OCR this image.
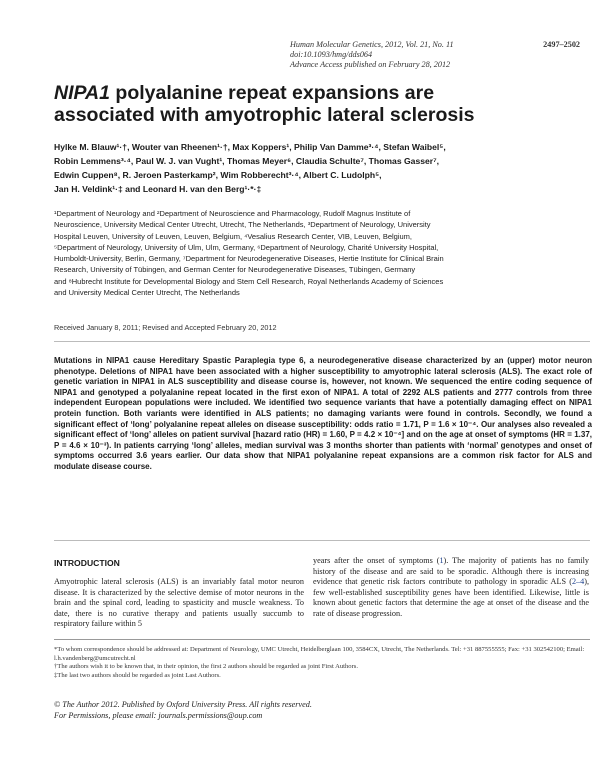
Human Molecular Genetics, 2012, Vol. 21, No. 11	2497–2502
doi:10.1093/hmg/dds064
Advance Access published on February 28, 2012
NIPA1 polyalanine repeat expansions are
associated with amyotrophic lateral sclerosis
Hylke M. Blauw¹·†, Wouter van Rheenen¹·†, Max Koppers¹, Philip Van Damme³·⁴, Stefan Waibel⁵,
Robin Lemmens³·⁴, Paul W. J. van Vught¹, Thomas Meyer⁶, Claudia Schulte⁷, Thomas Gasser⁷,
Edwin Cuppen⁸, R. Jeroen Pasterkamp², Wim Robberecht³·⁴, Albert C. Ludolph⁵,
Jan H. Veldink¹·‡ and Leonard H. van den Berg¹·*·‡
¹Department of Neurology and ²Department of Neuroscience and Pharmacology, Rudolf Magnus Institute of
Neuroscience, University Medical Center Utrecht, Utrecht, The Netherlands, ³Department of Neurology, University
Hospital Leuven, University of Leuven, Leuven, Belgium, ⁴Vesalius Research Center, VIB, Leuven, Belgium,
⁵Department of Neurology, University of Ulm, Ulm, Germany, ⁶Department of Neurology, Charité University Hospital,
Humboldt-University, Berlin, Germany, ⁷Department for Neurodegenerative Diseases, Hertie Institute for Clinical Brain
Research, University of Tübingen, and German Center for Neurodegenerative Diseases, Tübingen, Germany
and ⁸Hubrecht Institute for Developmental Biology and Stem Cell Research, Royal Netherlands Academy of Sciences
and University Medical Center Utrecht, The Netherlands
Received January 8, 2011; Revised and Accepted February 20, 2012

Mutations in NIPA1 cause Hereditary Spastic Paraplegia type 6, a neurodegenerative disease characterized by an (upper) motor neuron phenotype. Deletions of NIPA1 have been associated with a higher susceptibility to amyotrophic lateral sclerosis (ALS). The exact role of genetic variation in NIPA1 in ALS susceptibility and disease course is, however, not known. We sequenced the entire coding sequence of NIPA1 and genotyped a polyalanine repeat located in the first exon of NIPA1. A total of 2292 ALS patients and 2777 controls from three independent European populations were included. We identified two sequence variants that have a potentially damaging effect on NIPA1 protein function. Both variants were identified in ALS patients; no damaging variants were found in controls. Secondly, we found a significant effect of ‘long’ polyalanine repeat alleles on disease susceptibility: odds ratio = 1.71, P = 1.6 × 10⁻⁴. Our analyses also revealed a significant effect of ‘long’ alleles on patient survival [hazard ratio (HR) = 1.60, P = 4.2 × 10⁻⁴] and on the age at onset of symptoms (HR = 1.37, P = 4.6 × 10⁻³). In patients carrying ‘long’ alleles, median survival was 3 months shorter than patients with ‘normal’ genotypes and onset of symptoms occurred 3.6 years earlier. Our data show that NIPA1 polyalanine repeat expansions are a common risk factor for ALS and modulate disease course.

INTRODUCTION

Amyotrophic lateral sclerosis (ALS) is an invariably fatal motor neuron disease. It is characterized by the selective demise of motor neurons in the brain and the spinal cord, leading to spasticity and muscle weakness. To date, there is no curative therapy and patients usually succumb to respiratory failure within 5

years after the onset of symptoms (1). The majority of patients has no family history of the disease and are said to be sporadic. Although there is increasing evidence that genetic risk factors contribute to pathology in sporadic ALS (2–4), few well-established susceptibility genes have been identified. Likewise, little is known about genetic factors that determine the age at onset of the disease and the rate of disease progression.

*To whom correspondence should be addressed at: Department of Neurology, UMC Utrecht, Heidelberglaan 100, 3584CX, Utrecht, The Netherlands. Tel: +31 887555555; Fax: +31 302542100; Email: l.h.vandenberg@umcutrecht.nl
†The authors wish it to be known that, in their opinion, the first 2 authors should be regarded as joint First Authors.
‡The last two authors should be regarded as joint Last Authors.
© The Author 2012. Published by Oxford University Press. All rights reserved.
For Permissions, please email: journals.permissions@oup.com
